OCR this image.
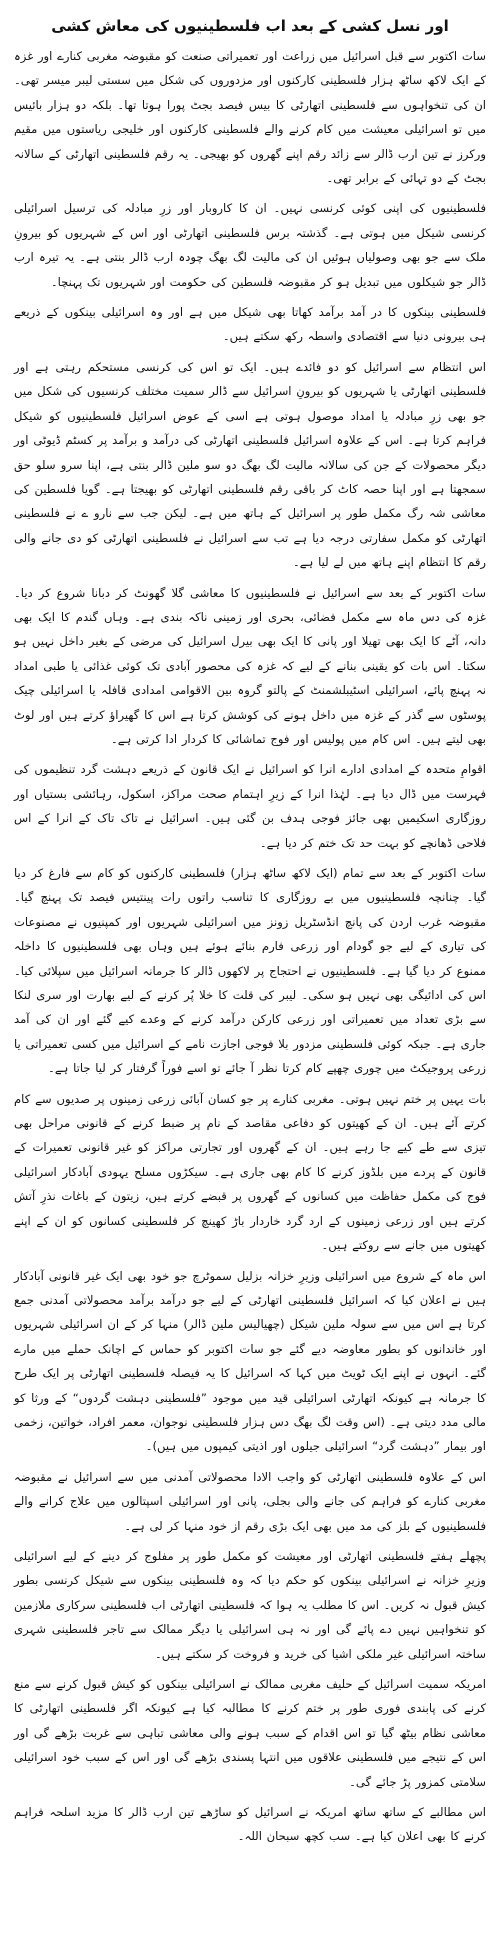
اور نسل کشی کے بعد اب فلسطینیوں کی معاش کشی

سات اکتوبر سے قبل اسرائیل میں زراعت اور تعمیراتی صنعت کو مقبوضہ مغربی کنارے اور غزہ کے ایک لاکھ ساٹھ ہزار فلسطینی کارکنوں اور مزدوروں کی شکل میں سستی لیبر میسر تھی۔ ان کی تنخواہوں سے فلسطینی اتھارٹی کا بیس فیصد بجٹ پورا ہوتا تھا۔ بلکہ دو ہزار بائیس میں تو اسرائیلی معیشت میں کام کرنے والے فلسطینی کارکنوں اور خلیجی ریاستوں میں مقیم ورکرز نے تین ارب ڈالر سے زائد رقم اپنے گھروں کو بھیجی۔ یہ رقم فلسطینی اتھارٹی کے سالانہ بجٹ کے دو تہائی کے برابر تھی۔

فلسطینیوں کی اپنی کوئی کرنسی نہیں۔ ان کا کاروبار اور زرِ مبادلہ کی ترسیل اسرائیلی کرنسی شیکل میں ہوتی ہے۔ گذشتہ برس فلسطینی اتھارٹی اور اس کے شہریوں کو بیرونِ ملک سے جو بھی وصولیاں ہوئیں ان کی مالیت لگ بھگ چودہ ارب ڈالر بنتی ہے۔ یہ تیرہ ارب ڈالر جو شیکلوں میں تبدیل ہو کر مقبوضہ فلسطین کی حکومت اور شہریوں تک پہنچا۔

فلسطینی بینکوں کا در آمد برآمد کھاتا بھی شیکل میں ہے اور وہ اسرائیلی بینکوں کے ذریعے ہی بیرونی دنیا سے اقتصادی واسطہ رکھ سکتے ہیں۔

اس انتظام سے اسرائیل کو دو فائدے ہیں۔ ایک تو اس کی کرنسی مستحکم رہتی ہے اور فلسطینی اتھارٹی یا شہریوں کو بیرونِ اسرائیل سے ڈالر سمیت مختلف کرنسیوں کی شکل میں جو بھی زرِ مبادلہ یا امداد موصول ہوتی ہے اسی کے عوض اسرائیل فلسطینیوں کو شیکل فراہم کرتا ہے۔ اس کے علاوہ اسرائیل فلسطینی اتھارٹی کی درآمد و برآمد پر کسٹم ڈیوٹی اور دیگر محصولات کے جن کی سالانہ مالیت لگ بھگ دو سو ملین ڈالر بنتی ہے، اپنا سرو سلو حق سمجھتا ہے اور اپنا حصہ کاٹ کر باقی رقم فلسطینی اتھارٹی کو بھیجتا ہے۔ گویا فلسطین کی معاشی شہ رگ مکمل طور پر اسرائیل کے ہاتھ میں ہے۔ لیکن جب سے نارو ے نے فلسطینی اتھارٹی کو مکمل سفارتی درجہ دیا ہے تب سے اسرائیل نے فلسطینی اتھارٹی کو دی جانے والی رقم کا انتظام اپنے ہاتھ میں لے لیا ہے۔

سات اکتوبر کے بعد سے اسرائیل نے فلسطینیوں کا معاشی گلا گھونٹ کر دبانا شروع کر دیا۔ غزہ کی دس ماہ سے مکمل فضائی، بحری اور زمینی ناکہ بندی ہے۔ وہاں گندم کا ایک بھی دانہ، آٹے کا ایک بھی تھیلا اور پانی کا ایک بھی بیرل اسرائیل کی مرضی کے بغیر داخل نہیں ہو سکتا۔ اس بات کو یقینی بنانے کے لیے کہ غزہ کی محصور آبادی تک کوئی غذائی یا طبی امداد نہ پہنچ پائے، اسرائیلی اسٹیبلشمنٹ کے پالتو گروہ بین الاقوامی امدادی قافلہ یا اسرائیلی چیک پوسٹوں سے گذر کے غزہ میں داخل ہونے کی کوشش کرتا ہے اس کا گھیراؤ کرتے ہیں اور لوٹ بھی لیتے ہیں۔ اس کام میں پولیس اور فوج تماشائی کا کردار ادا کرتی ہے۔

اقوامِ متحدہ کے امدادی ادارے انرا کو اسرائیل نے ایک قانون کے ذریعے دہشت گرد تنظیموں کی فہرست میں ڈال دیا ہے۔ لہٰذا انرا کے زیرِ اہتمام صحت مراکز، اسکول، رہائشی بستیاں اور روزگاری اسکیمیں بھی جائز فوجی ہدف بن گئی ہیں۔ اسرائیل نے تاک تاک کے انرا کے اس فلاحی ڈھانچے کو بہت حد تک ختم کر دیا ہے۔

سات اکتوبر کے بعد سے تمام (ایک لاکھ ساٹھ ہزار) فلسطینی کارکنوں کو کام سے فارغ کر دیا گیا۔ چنانچہ فلسطینیوں میں بے روزگاری کا تناسب راتوں رات پینتیس فیصد تک پہنچ گیا۔ مقبوضہ غرب اردن کی پانچ انڈسٹریل زونز میں اسرائیلی شہریوں اور کمپنیوں نے مصنوعات کی تیاری کے لیے جو گودام اور زرعی فارم بنائے ہوئے ہیں وہاں بھی فلسطینیوں کا داخلہ ممنوع کر دیا گیا ہے۔ فلسطینیوں نے احتجاج پر لاکھوں ڈالر کا جرمانہ اسرائیل میں سپلائی کیا۔ اس کی ادائیگی بھی نہیں ہو سکی۔ لیبر کی قلت کا خلا پُر کرنے کے لیے بھارت اور سری لنکا سے بڑی تعداد میں تعمیراتی اور زرعی کارکن درآمد کرنے کے وعدے کیے گئے اور ان کی آمد جاری ہے۔ جبکہ کوئی فلسطینی مزدور بلا فوجی اجازت نامے کے اسرائیل میں کسی تعمیراتی یا زرعی پروجیکٹ میں چوری چھپے کام کرتا نظر آ جائے تو اسے فوراً گرفتار کر لیا جاتا ہے۔

بات یہیں پر ختم نہیں ہوتی۔ مغربی کنارے پر جو کسان آبائی زرعی زمینوں پر صدیوں سے کام کرتے آئے ہیں۔ ان کے کھیتوں کو دفاعی مقاصد کے نام پر ضبط کرنے کے قانونی مراحل بھی تیزی سے طے کیے جا رہے ہیں۔ ان کے گھروں اور تجارتی مراکز کو غیر قانونی تعمیرات کے قانون کے پردے میں بلڈوز کرنے کا کام بھی جاری ہے۔ سیکڑوں مسلح یہودی آبادکار اسرائیلی فوج کی مکمل حفاظت میں کسانوں کے گھروں پر قبضے کرتے ہیں، زیتون کے باغات نذرِ آتش کرتے ہیں اور زرعی زمینوں کے ارد گرد خاردار باڑ کھینچ کر فلسطینی کسانوں کو ان کے اپنے کھیتوں میں جانے سے روکتے ہیں۔

اس ماہ کے شروع میں اسرائیلی وزیرِ خزانہ بزلیل سموٹرچ جو خود بھی ایک غیر قانونی آبادکار ہیں نے اعلان کیا کہ اسرائیل فلسطینی اتھارٹی کے لیے جو درآمد برآمد محصولاتی آمدنی جمع کرتا ہے اس میں سے سولہ ملین شیکل (چھیالیس ملین ڈالر) منہا کر کے ان اسرائیلی شہریوں اور خاندانوں کو بطور معاوضہ دیے گئے جو سات اکتوبر کو حماس کے اچانک حملے میں مارے گئے۔ انہوں نے اپنے ایک ٹویٹ میں کہا کہ اسرائیل کا یہ فیصلہ فلسطینی اتھارٹی پر ایک طرح کا جرمانہ ہے کیونکہ اتھارٹی اسرائیلی قید میں موجود ”فلسطینی دہشت گردوں“ کے ورثا کو مالی مدد دیتی ہے۔ (اس وقت لگ بھگ دس ہزار فلسطینی نوجوان، معمر افراد، خواتین، زخمی اور بیمار ”دہشت گرد“ اسرائیلی جیلوں اور اذیتی کیمپوں میں ہیں)۔

اس کے علاوہ فلسطینی اتھارٹی کو واجب الادا محصولاتی آمدنی میں سے اسرائیل نے مقبوضہ مغربی کنارے کو فراہم کی جانے والی بجلی، پانی اور اسرائیلی اسپتالوں میں علاج کرانے والے فلسطینیوں کے بلز کی مد میں بھی ایک بڑی رقم از خود منہا کر لی ہے۔

پچھلے ہفتے فلسطینی اتھارٹی اور معیشت کو مکمل طور پر مفلوج کر دینے کے لیے اسرائیلی وزیرِ خزانہ نے اسرائیلی بینکوں کو حکم دیا کہ وہ فلسطینی بینکوں سے شیکل کرنسی بطور کیش قبول نہ کریں۔ اس کا مطلب یہ ہوا کہ فلسطینی اتھارٹی اب فلسطینی سرکاری ملازمین کو تنخواہیں نہیں دے پائے گی اور نہ ہی اسرائیلی یا دیگر ممالک سے تاجر فلسطینی شہری ساختہ اسرائیلی غیر ملکی اشیا کی خرید و فروخت کر سکتے ہیں۔

امریکہ سمیت اسرائیل کے حلیف مغربی ممالک نے اسرائیلی بینکوں کو کیش قبول کرنے سے منع کرنے کی پابندی فوری طور پر ختم کرنے کا مطالبہ کیا ہے کیونکہ اگر فلسطینی اتھارٹی کا معاشی نظام بیٹھ گیا تو اس اقدام کے سبب ہونے والی معاشی تباہی سے غربت بڑھے گی اور اس کے نتیجے میں فلسطینی علاقوں میں انتہا پسندی بڑھے گی اور اس کے سبب خود اسرائیلی سلامتی کمزور پڑ جائے گی۔

اس مطالبے کے ساتھ ساتھ امریکہ نے اسرائیل کو ساڑھے تین ارب ڈالر کا مزید اسلحہ فراہم کرنے کا بھی اعلان کیا ہے۔ سب کچھ سبحان اللہ۔
